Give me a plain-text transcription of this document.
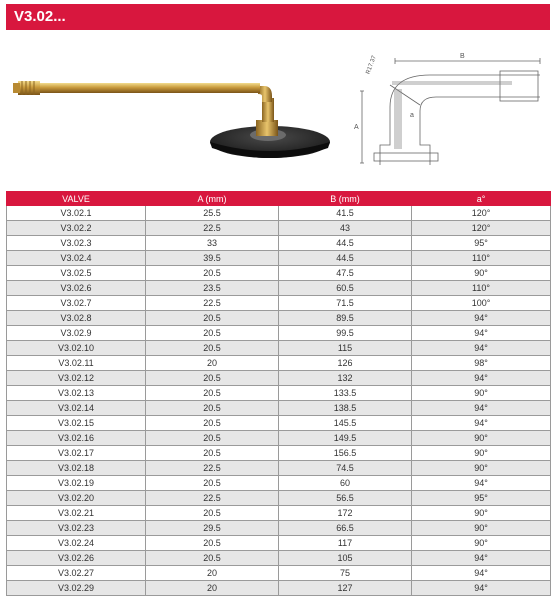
V3.02...
B
A
R17.37
a
VALVE	A (mm)	B (mm)	a°
V3.02.1	25.5	41.5	120°
V3.02.2	22.5	43	120°
V3.02.3	33	44.5	95°
V3.02.4	39.5	44.5	110°
V3.02.5	20.5	47.5	90°
V3.02.6	23.5	60.5	110°
V3.02.7	22.5	71.5	100°
V3.02.8	20.5	89.5	94°
V3.02.9	20.5	99.5	94°
V3.02.10	20.5	115	94°
V3.02.11	20	126	98°
V3.02.12	20.5	132	94°
V3.02.13	20.5	133.5	90°
V3.02.14	20.5	138.5	94°
V3.02.15	20.5	145.5	94°
V3.02.16	20.5	149.5	90°
V3.02.17	20.5	156.5	90°
V3.02.18	22.5	74.5	90°
V3.02.19	20.5	60	94°
V3.02.20	22.5	56.5	95°
V3.02.21	20.5	172	90°
V3.02.23	29.5	66.5	90°
V3.02.24	20.5	117	90°
V3.02.26	20.5	105	94°
V3.02.27	20	75	94°
V3.02.29	20	127	94°
